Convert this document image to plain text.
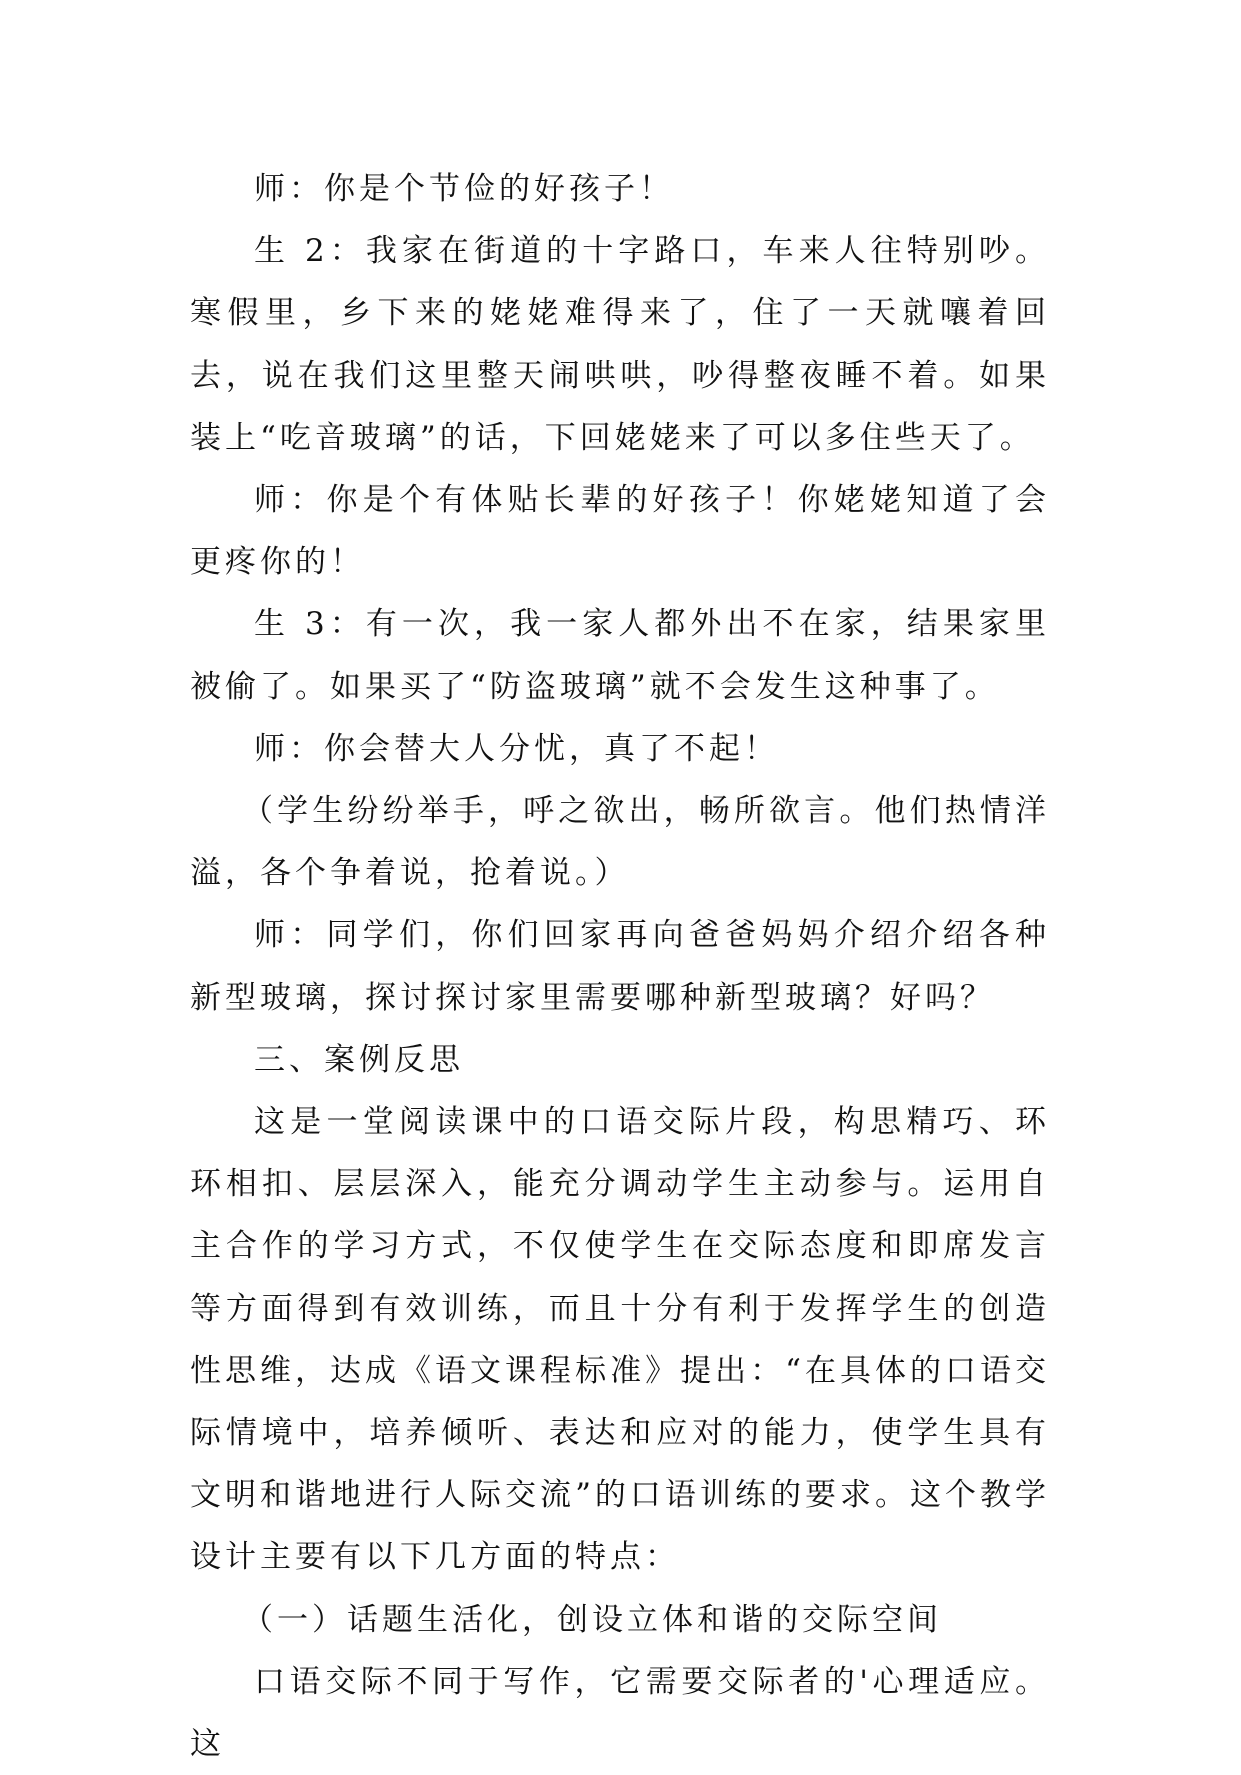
师：你是个节俭的好孩子！

生 2：我家在街道的十字路口，车来人往特别吵。寒假里，乡下来的姥姥难得来了，住了一天就嚷着回去，说在我们这里整天闹哄哄，吵得整夜睡不着。如果装上“吃音玻璃”的话，下回姥姥来了可以多住些天了。

师：你是个有体贴长辈的好孩子！你姥姥知道了会更疼你的！

生 3：有一次，我一家人都外出不在家，结果家里被偷了。如果买了“防盗玻璃”就不会发生这种事了。

师：你会替大人分忧，真了不起！

（学生纷纷举手，呼之欲出，畅所欲言。他们热情洋溢，各个争着说，抢着说。）

师：同学们，你们回家再向爸爸妈妈介绍介绍各种新型玻璃，探讨探讨家里需要哪种新型玻璃？好吗？

三、案例反思

这是一堂阅读课中的口语交际片段，构思精巧、环环相扣、层层深入，能充分调动学生主动参与。运用自主合作的学习方式，不仅使学生在交际态度和即席发言等方面得到有效训练，而且十分有利于发挥学生的创造性思维，达成《语文课程标准》提出：“在具体的口语交际情境中，培养倾听、表达和应对的能力，使学生具有文明和谐地进行人际交流”的口语训练的要求。这个教学设计主要有以下几方面的特点：

（一）话题生活化，创设立体和谐的交际空间

口语交际不同于写作，它需要交际者的'心理适应。这
